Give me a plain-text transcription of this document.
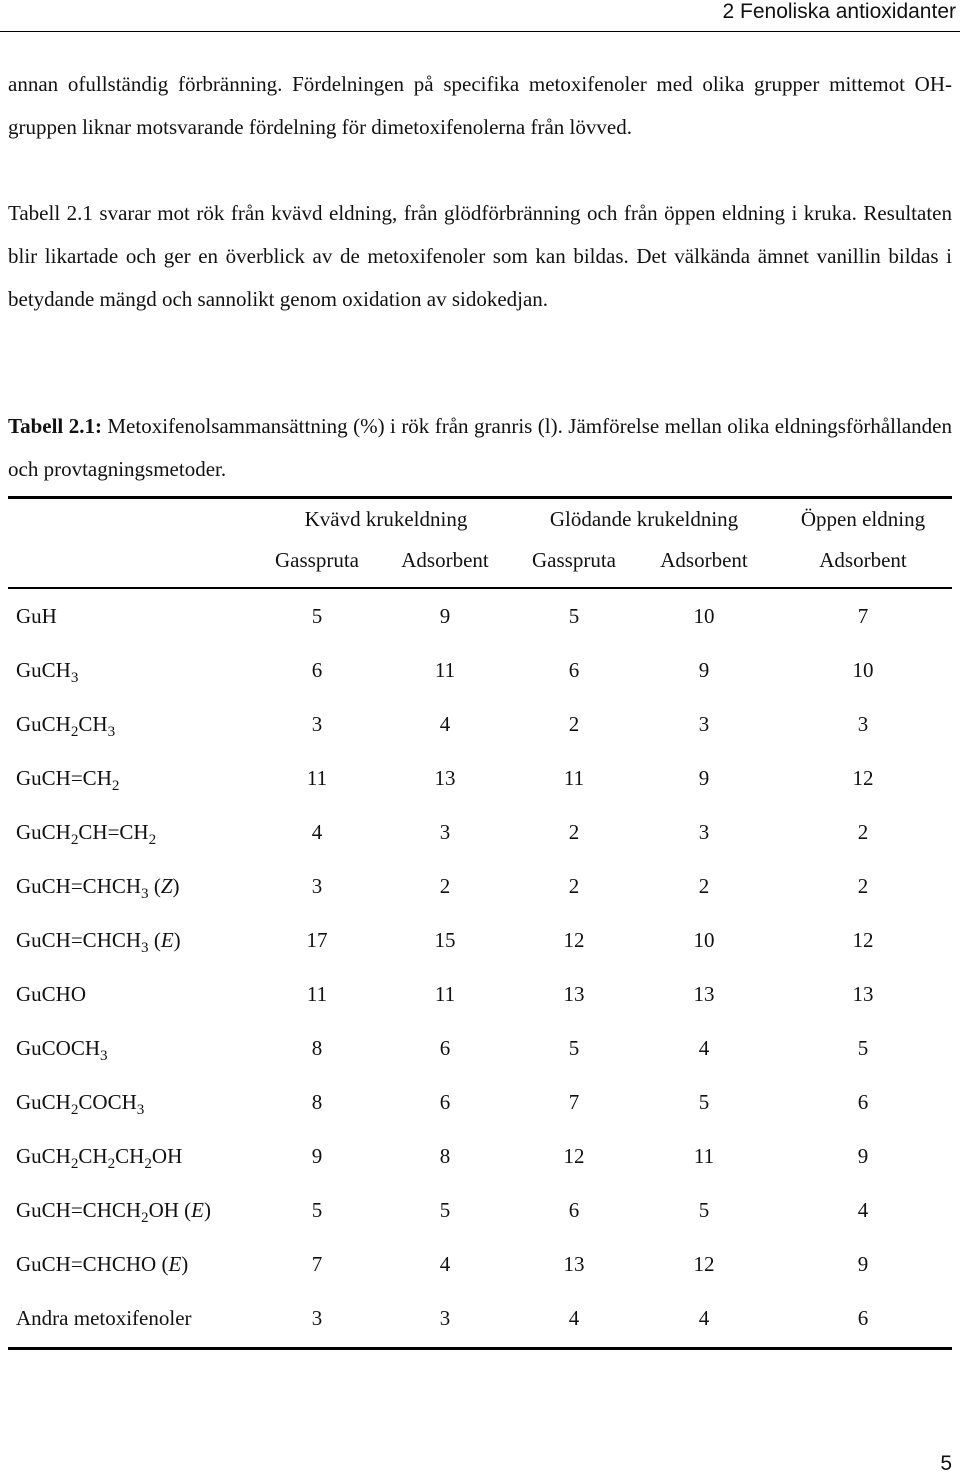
2 Fenoliska antioxidanter

annan ofullständig förbränning. Fördelningen på specifika metoxifenoler med olika grupper mittemot OH-gruppen liknar motsvarande fördelning för dimetoxifenolerna från lövved.

Tabell 2.1 svarar mot rök från kvävd eldning, från glödförbränning och från öppen eldning i kruka. Resultaten blir likartade och ger en överblick av de metoxifenoler som kan bildas. Det välkända ämnet vanillin bildas i betydande mängd och sannolikt genom oxidation av sidokedjan.

Tabell 2.1: Metoxifenolsammansättning (%) i rök från granris (l). Jämförelse mellan olika eldningsförhållanden och provtagningsmetoder.

	Kvävd krukeldning		Glödande krukeldning		Öppen eldning
	Gasspruta	Adsorbent	Gasspruta	Adsorbent	Adsorbent
GuH	5	9	5	10	7
GuCH$_3$	6	11	6	9	10
$GuCH_2CH_3$	3	4	2	3	3
$GuCH=CH_2$	11	13	11	9	12
$GuCH_2CH=CH_2$	4	3	2	3	2
$GuCH=CHCH_3$ (Z)	3	2	2	2	2
$GuCH=CHCH_3$ (E)	17	15	12	10	12
GuCHO	11	11	13	13	13
GuCOCH$_3$	8	6	5	4	5
$GuCH_2COCH_3$	8	6	7	5	6
$GuCH_2CH_2CH_2OH$	9	8	12	11	9
$GuCH=CHCH_2OH$ (E)	5	5	6	5	4
GuCH=CHCHO (E)	7	4	13	12	9
Andra metoxifenoler	3	3	4	4	6
5
